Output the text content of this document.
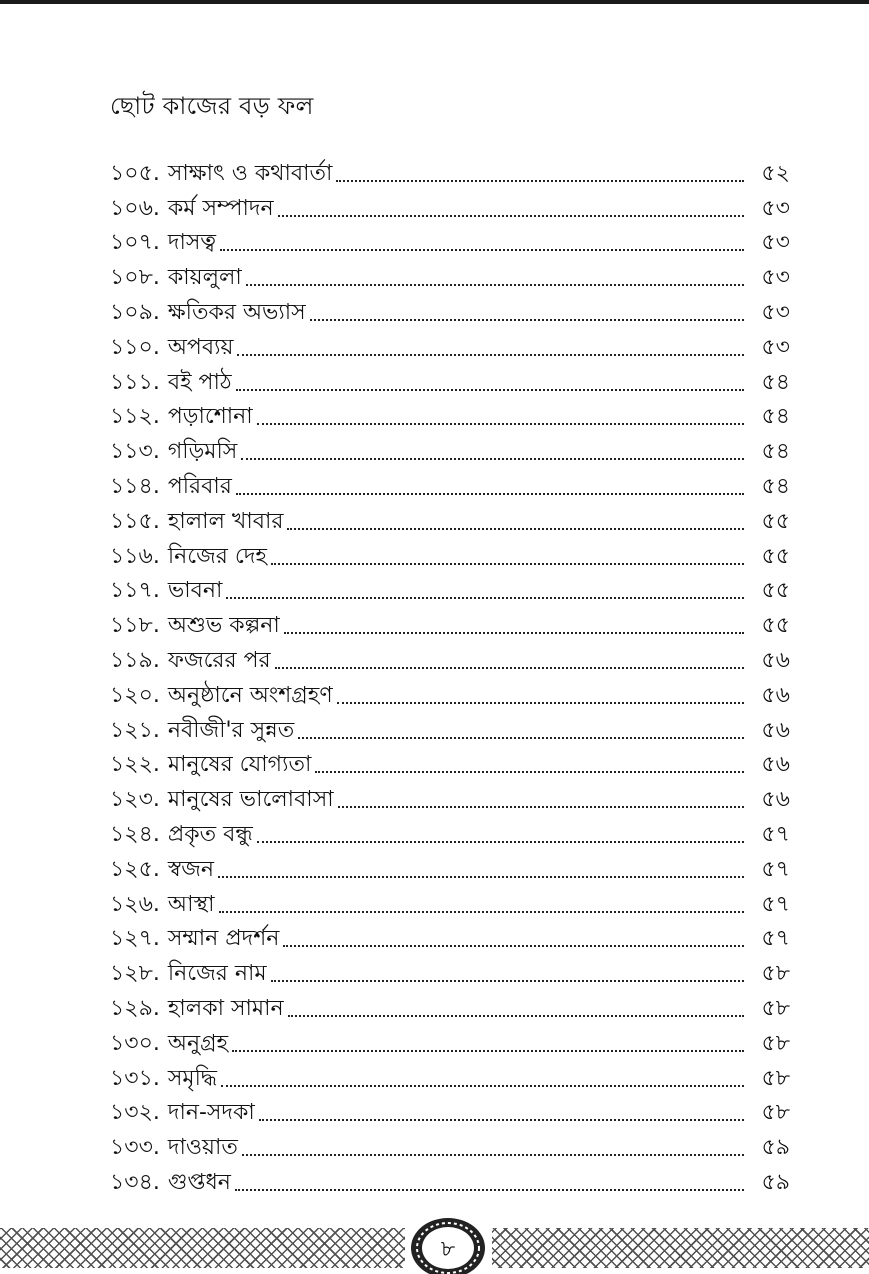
ছোট কাজের বড় ফল
১০৫. সাক্ষাৎ ও কথাবার্তা	৫২
১০৬. কর্ম সম্পাদন	৫৩
১০৭. দাসত্ব	৫৩
১০৮. কায়লুলা	৫৩
১০৯. ক্ষতিকর অভ্যাস	৫৩
১১০. অপব্যয়	৫৩
১১১. বই পাঠ	৫৪
১১২. পড়াশোনা	৫৪
১১৩. গড়িমসি	৫৪
১১৪. পরিবার	৫৪
১১৫. হালাল খাবার	৫৫
১১৬. নিজের দেহ	৫৫
১১৭. ভাবনা	৫৫
১১৮. অশুভ কল্পনা	৫৫
১১৯. ফজরের পর	৫৬
১২০. অনুষ্ঠানে অংশগ্রহণ	৫৬
১২১. নবীজী'র সুন্নত	৫৬
১২২. মানুষের যোগ্যতা	৫৬
১২৩. মানুষের ভালোবাসা	৫৬
১২৪. প্রকৃত বন্ধু	৫৭
১২৫. স্বজন	৫৭
১২৬. আস্থা	৫৭
১২৭. সম্মান প্রদর্শন	৫৭
১২৮. নিজের নাম	৫৮
১২৯. হালকা সামান	৫৮
১৩০. অনুগ্রহ	৫৮
১৩১. সমৃদ্ধি	৫৮
১৩২. দান-সদকা	৫৮
১৩৩. দাওয়াত	৫৯
১৩৪. গুপ্তধন	৫৯
৮
